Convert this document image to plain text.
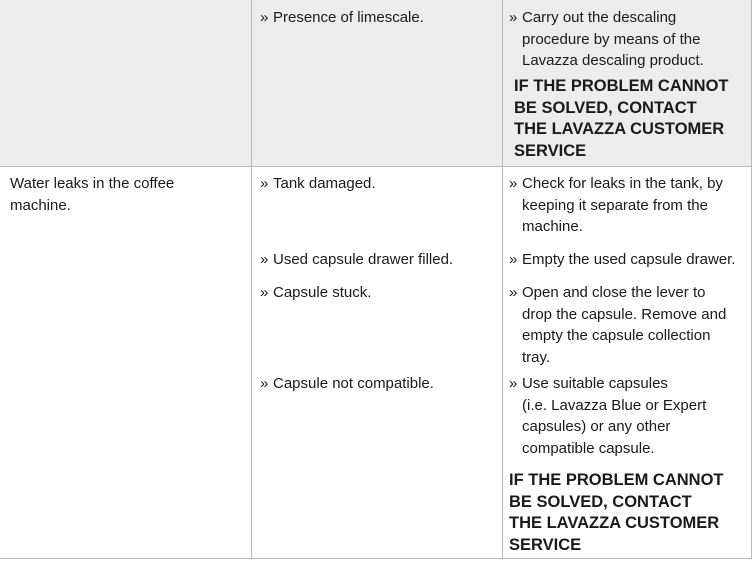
» Presence of limescale.	» Carry out the descaling
procedure by means of the
Lavazza descaling product.
IF THE PROBLEM CANNOT
BE SOLVED, CONTACT
THE LAVAZZA CUSTOMER
SERVICE
Water leaks in the coffee
machine.
» Tank damaged.
» Used capsule drawer filled.
» Capsule stuck.
» Capsule not compatible.
» Check for leaks in the tank, by
keeping it separate from the
machine.
» Empty the used capsule drawer.
» Open and close the lever to
drop the capsule. Remove and
empty the capsule collection
tray.
» Use suitable capsules
(i.e. Lavazza Blue or Expert
capsules) or any other
compatible capsule.
IF THE PROBLEM CANNOT
BE SOLVED, CONTACT
THE LAVAZZA CUSTOMER
SERVICE
